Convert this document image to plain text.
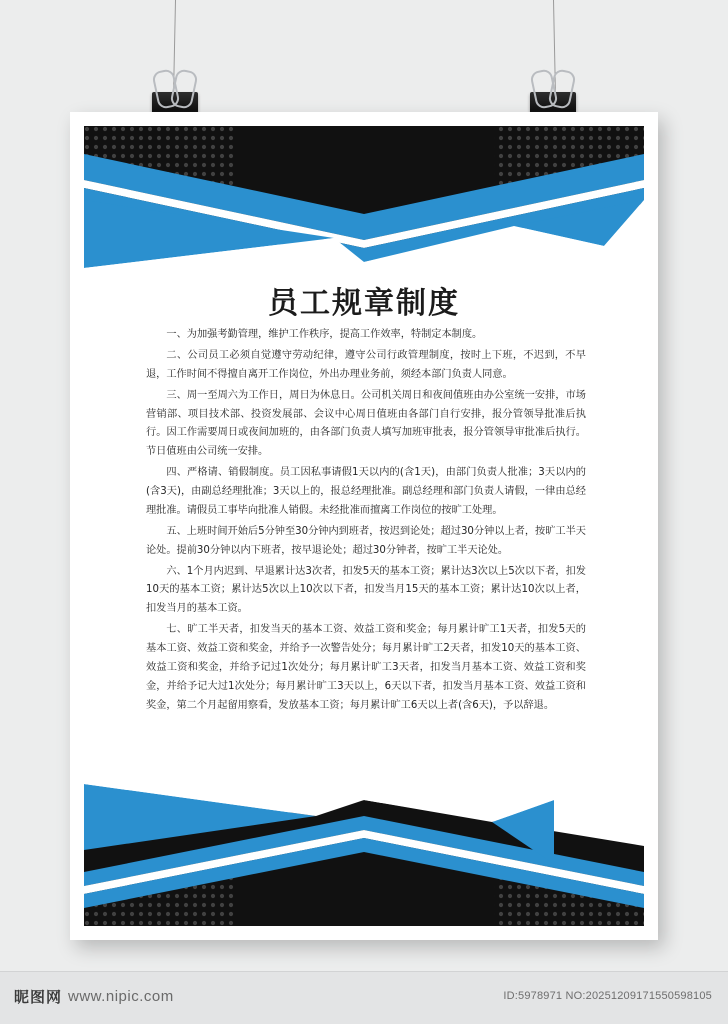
员工规章制度

一、为加强考勤管理，维护工作秩序，提高工作效率，特制定本制度。

二、公司员工必须自觉遵守劳动纪律，遵守公司行政管理制度，按时上下班，不迟到，不早退，工作时间不得擅自离开工作岗位，外出办理业务前，须经本部门负责人同意。

三、周一至周六为工作日，周日为休息日。公司机关周日和夜间值班由办公室统一安排，市场营销部、项目技术部、投资发展部、会议中心周日值班由各部门自行安排，报分管领导批准后执行。因工作需要周日或夜间加班的，由各部门负责人填写加班审批表，报分管领导审批准后执行。节日值班由公司统一安排。

四、严格请、销假制度。员工因私事请假1天以内的(含1天)，由部门负责人批准；3天以内的(含3天)，由副总经理批准；3天以上的，报总经理批准。副总经理和部门负责人请假，一律由总经理批准。请假员工事毕向批准人销假。未经批准而擅离工作岗位的按旷工处理。

五、上班时间开始后5分钟至30分钟内到班者，按迟到论处；超过30分钟以上者，按旷工半天论处。提前30分钟以内下班者，按早退论处；超过30分钟者，按旷工半天论处。

六、1个月内迟到、早退累计达3次者，扣发5天的基本工资；累计达3次以上5次以下者，扣发10天的基本工资；累计达5次以上10次以下者，扣发当月15天的基本工资；累计达10次以上者，扣发当月的基本工资。

七、旷工半天者，扣发当天的基本工资、效益工资和奖金；每月累计旷工1天者，扣发5天的基本工资、效益工资和奖金，并给予一次警告处分；每月累计旷工2天者，扣发10天的基本工资、效益工资和奖金，并给予记过1次处分；每月累计旷工3天者，扣发当月基本工资、效益工资和奖金，并给予记大过1次处分；每月累计旷工3天以上，6天以下者，扣发当月基本工资、效益工资和奖金，第二个月起留用察看，发放基本工资；每月累计旷工6天以上者(含6天)，予以辞退。

昵图网 www.nipic.com	ID:5978971 NO:20251209171550598105
